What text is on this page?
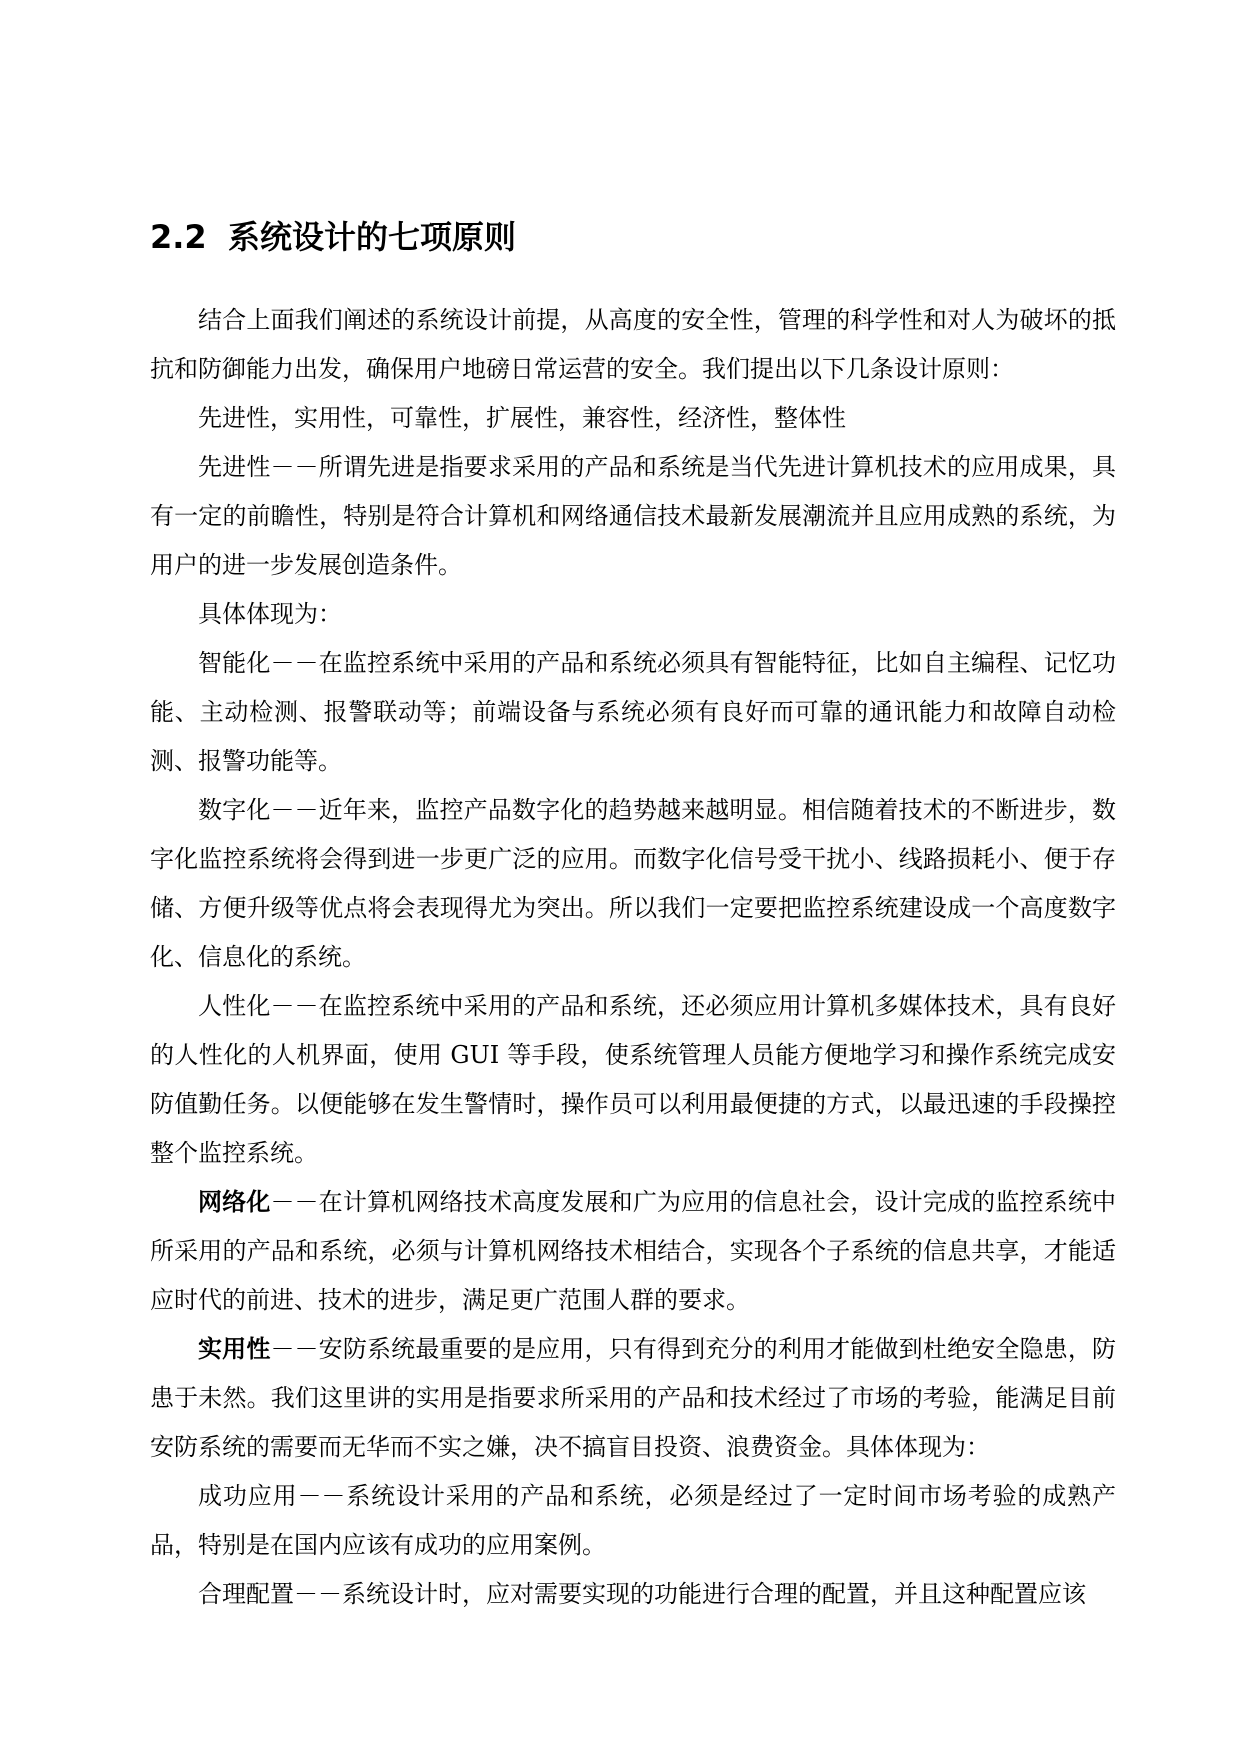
2.2 系统设计的七项原则

结合上面我们阐述的系统设计前提，从高度的安全性，管理的科学性和对人为破坏的抵抗和防御能力出发，确保用户地磅日常运营的安全。我们提出以下几条设计原则：

先进性，实用性，可靠性，扩展性，兼容性，经济性，整体性

先进性－－所谓先进是指要求采用的产品和系统是当代先进计算机技术的应用成果，具有一定的前瞻性，特别是符合计算机和网络通信技术最新发展潮流并且应用成熟的系统，为用户的进一步发展创造条件。

具体体现为：

智能化－－在监控系统中采用的产品和系统必须具有智能特征，比如自主编程、记忆功能、主动检测、报警联动等；前端设备与系统必须有良好而可靠的通讯能力和故障自动检测、报警功能等。

数字化－－近年来，监控产品数字化的趋势越来越明显。相信随着技术的不断进步，数字化监控系统将会得到进一步更广泛的应用。而数字化信号受干扰小、线路损耗小、便于存储、方便升级等优点将会表现得尤为突出。所以我们一定要把监控系统建设成一个高度数字化、信息化的系统。

人性化－－在监控系统中采用的产品和系统，还必须应用计算机多媒体技术，具有良好的人性化的人机界面，使用 GUI 等手段，使系统管理人员能方便地学习和操作系统完成安防值勤任务。以便能够在发生警情时，操作员可以利用最便捷的方式，以最迅速的手段操控整个监控系统。

网络化－－在计算机网络技术高度发展和广为应用的信息社会，设计完成的监控系统中所采用的产品和系统，必须与计算机网络技术相结合，实现各个子系统的信息共享，才能适应时代的前进、技术的进步，满足更广范围人群的要求。

实用性－－安防系统最重要的是应用，只有得到充分的利用才能做到杜绝安全隐患，防患于未然。我们这里讲的实用是指要求所采用的产品和技术经过了市场的考验，能满足目前安防系统的需要而无华而不实之嫌，决不搞盲目投资、浪费资金。具体体现为：

成功应用－－系统设计采用的产品和系统，必须是经过了一定时间市场考验的成熟产品，特别是在国内应该有成功的应用案例。

合理配置－－系统设计时，应对需要实现的功能进行合理的配置，并且这种配置应该
